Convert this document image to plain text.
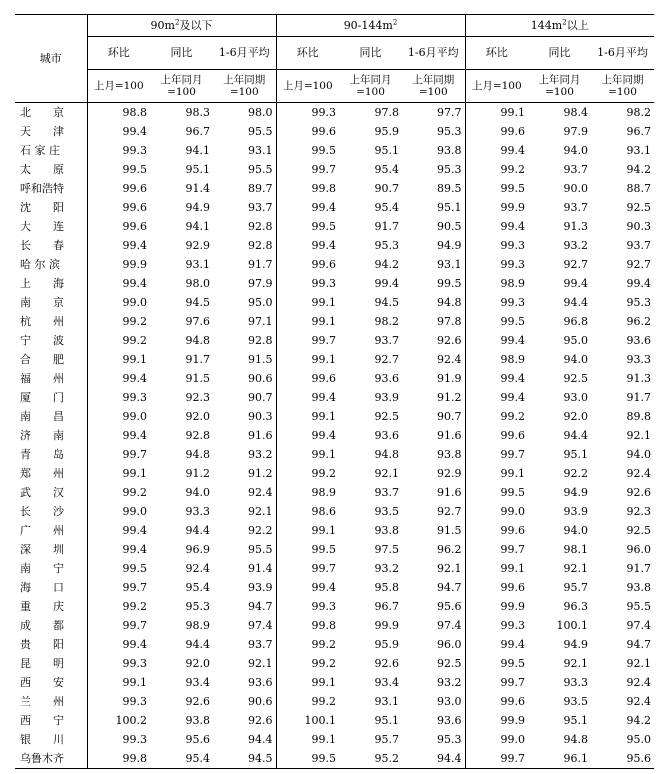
城市	$90m^2$及以下			$90-144m^2$			$144m^2$以上		
	环比	同比	1-6月平均	环比	同比	1-6月平均	环比	同比	1-6月平均
	上月=100	上年同月=100	上年同期=100	上月=100	上年同月=100	上年同期=100	上月=100	上年同月=100	上年同期=100
北　　京	98.8	98.3	98.0	99.3	97.8	97.7	99.1	98.4	98.2
天　　津	99.4	96.7	95.5	99.6	95.9	95.3	99.6	97.9	96.7
石 家 庄	99.3	94.1	93.1	99.5	95.1	93.8	99.4	94.0	93.1
太　　原	99.5	95.1	95.5	99.7	95.4	95.3	99.2	93.7	94.2
呼和浩特	99.6	91.4	89.7	99.8	90.7	89.5	99.5	90.0	88.7
沈　　阳	99.6	94.9	93.7	99.4	95.4	95.1	99.9	93.7	92.5
大　　连	99.6	94.1	92.8	99.5	91.7	90.5	99.4	91.3	90.3
长　　春	99.4	92.9	92.8	99.4	95.3	94.9	99.3	93.2	93.7
哈 尔 滨	99.9	93.1	91.7	99.6	94.2	93.1	99.3	92.7	92.7
上　　海	99.4	98.0	97.9	99.3	99.4	99.5	98.9	99.4	99.4
南　　京	99.0	94.5	95.0	99.1	94.5	94.8	99.3	94.4	95.3
杭　　州	99.2	97.6	97.1	99.1	98.2	97.8	99.5	96.8	96.2
宁　　波	99.2	94.8	92.8	99.7	93.7	92.6	99.4	95.0	93.6
合　　肥	99.1	91.7	91.5	99.1	92.7	92.4	98.9	94.0	93.3
福　　州	99.4	91.5	90.6	99.6	93.6	91.9	99.4	92.5	91.3
厦　　门	99.3	92.3	90.7	99.4	93.9	91.2	99.4	93.0	91.7
南　　昌	99.0	92.0	90.3	99.1	92.5	90.7	99.2	92.0	89.8
济　　南	99.4	92.8	91.6	99.4	93.6	91.6	99.6	94.4	92.1
青　　岛	99.7	94.8	93.2	99.1	94.8	93.8	99.7	95.1	94.0
郑　　州	99.1	91.2	91.2	99.2	92.1	92.9	99.1	92.2	92.4
武　　汉	99.2	94.0	92.4	98.9	93.7	91.6	99.5	94.9	92.6
长　　沙	99.0	93.3	92.1	98.6	93.5	92.7	99.0	93.9	92.3
广　　州	99.4	94.4	92.2	99.1	93.8	91.5	99.6	94.0	92.5
深　　圳	99.4	96.9	95.5	99.5	97.5	96.2	99.7	98.1	96.0
南　　宁	99.5	92.4	91.4	99.7	93.2	92.1	99.1	92.1	91.7
海　　口	99.7	95.4	93.9	99.4	95.8	94.7	99.6	95.7	93.8
重　　庆	99.2	95.3	94.7	99.3	96.7	95.6	99.9	96.3	95.5
成　　都	99.7	98.9	97.4	99.8	99.9	97.4	99.3	100.1	97.4
贵　　阳	99.4	94.4	93.7	99.2	95.9	96.0	99.4	94.9	94.7
昆　　明	99.3	92.0	92.1	99.2	92.6	92.5	99.5	92.1	92.1
西　　安	99.1	93.4	93.6	99.1	93.4	93.2	99.7	93.3	92.4
兰　　州	99.3	92.6	90.6	99.2	93.1	93.0	99.6	93.5	92.4
西　　宁	100.2	93.8	92.6	100.1	95.1	93.6	99.9	95.1	94.2
银　　川	99.3	95.6	94.4	99.1	95.7	95.3	99.0	94.8	95.0
乌鲁木齐	99.8	95.4	94.5	99.5	95.2	94.4	99.7	96.1	95.6
